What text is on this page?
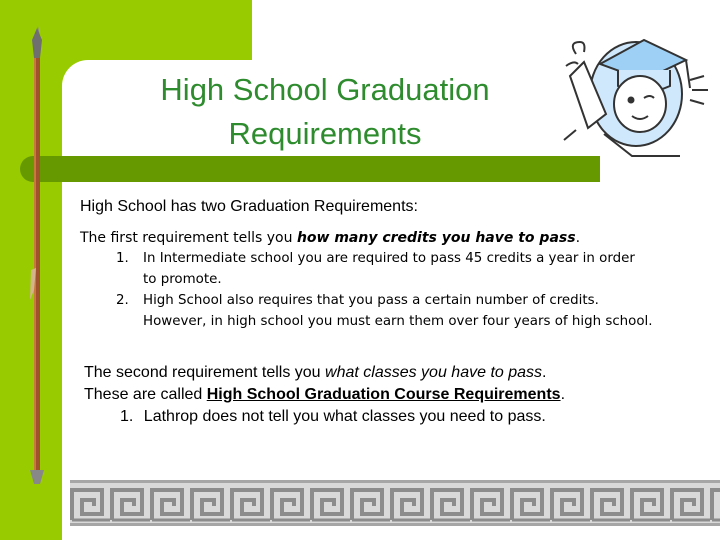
High School Graduation
Requirements
High School has two Graduation Requirements:
The first requirement tells you how many credits you have to pass.
1. In Intermediate school you are required to pass 45 credits a year in order
to promote.
2. High School also requires that you pass a certain number of credits.
However, in high school you must earn them over four years of high school.
The second requirement tells you what classes you have to pass.
These are called High School Graduation Course Requirements.
1. Lathrop does not tell you what classes you need to pass.
